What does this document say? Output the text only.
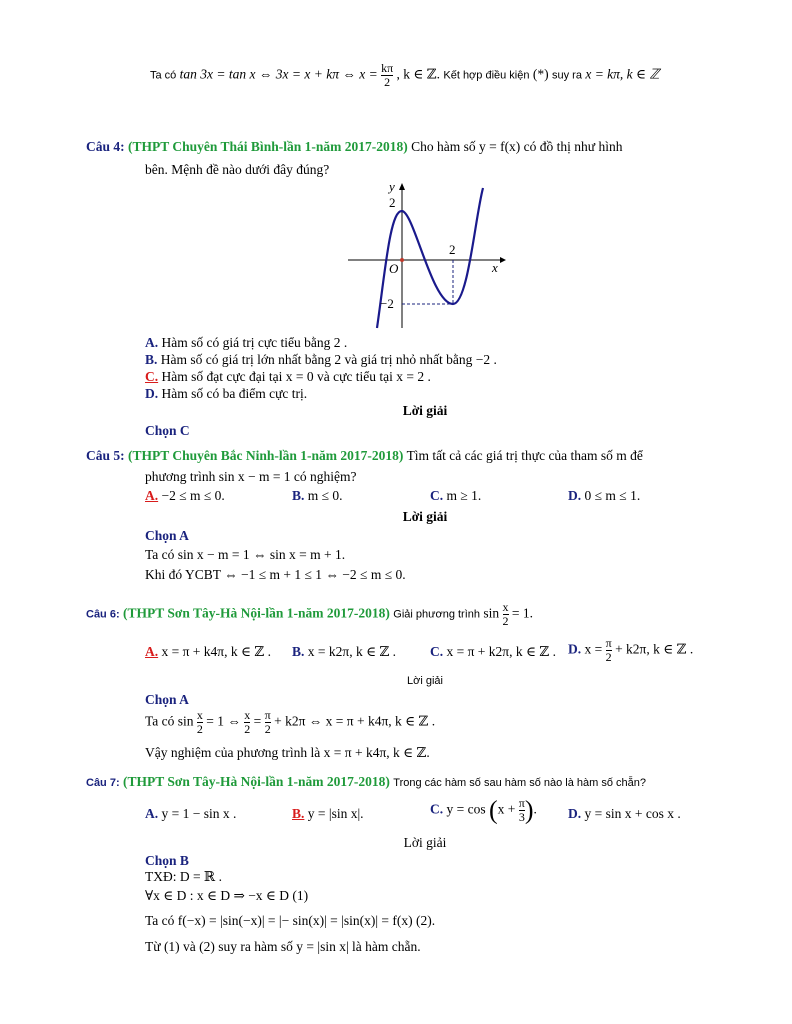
Ta có tan 3x = tan x ⇔ 3x = x + kπ ⇔ $x = \frac{k\pi}{2}$ , k ∈ ℤ. Kết hợp điều kiện (*) suy ra x = kπ, k ∈ ℤ
Câu 4: (THPT Chuyên Thái Bình-lần 1-năm 2017-2018) Cho hàm số y = f(x) có đồ thị như hình
bên. Mệnh đề nào dưới đây đúng?
y
x
O
2
−2
2
A. Hàm số có giá trị cực tiểu bằng 2 .
B. Hàm số có giá trị lớn nhất bằng 2 và giá trị nhỏ nhất bằng −2 .
C. Hàm số đạt cực đại tại x = 0 và cực tiểu tại x = 2 .
D. Hàm số có ba điểm cực trị.
Lời giải
Chọn C
Câu 5: (THPT Chuyên Bắc Ninh-lần 1-năm 2017-2018) Tìm tất cả các giá trị thực của tham số m để
phương trình sin x − m = 1 có nghiệm?
A. −2 ≤ m ≤ 0.	B. m ≤ 0.	C. m ≥ 1.	D. 0 ≤ m ≤ 1.
Lời giải
Chọn A
Ta có sin x − m = 1 ⇔ sin x = m + 1.
Khi đó YCBT ⇔ −1 ≤ m + 1 ≤ 1 ⇔ −2 ≤ m ≤ 0.
Câu 6: (THPT Sơn Tây-Hà Nội-lần 1-năm 2017-2018) Giải phương trình $\sin \frac{x}{2} = 1$.
A. x = π + k4π, k ∈ ℤ . B. x = k2π, k ∈ ℤ .	C. x = π + k2π, k ∈ ℤ . D. $x = \frac{\pi}{2} + k2\pi$, k ∈ ℤ .
Lời giải
Chọn A
Ta có $\sin \frac{x}{2} = 1$ ⇔ $\frac{x}{2} = \frac{\pi}{2} + k2\pi$ ⇔ x = π + k4π, k ∈ ℤ .
Vậy nghiệm của phương trình là x = π + k4π, k ∈ ℤ.
Câu 7: (THPT Sơn Tây-Hà Nội-lần 1-năm 2017-2018) Trong các hàm số sau hàm số nào là hàm số chẵn?
A. y = 1 − sin x .	B. y = |sin x|.	C. $y = \cos (x + \frac{\pi}{3}$ ). D. y = sin x + cos x .
Lời giải
Chọn B
TXĐ: D = ℝ .
∀x ∈ D : x ∈ D ⇒ −x ∈ D (1)
Ta có f(−x) = |sin(−x)| = |− sin(x)| = |sin(x)| = f(x) (2).
Từ (1) và (2) suy ra hàm số y = |sin x| là hàm chẵn.
